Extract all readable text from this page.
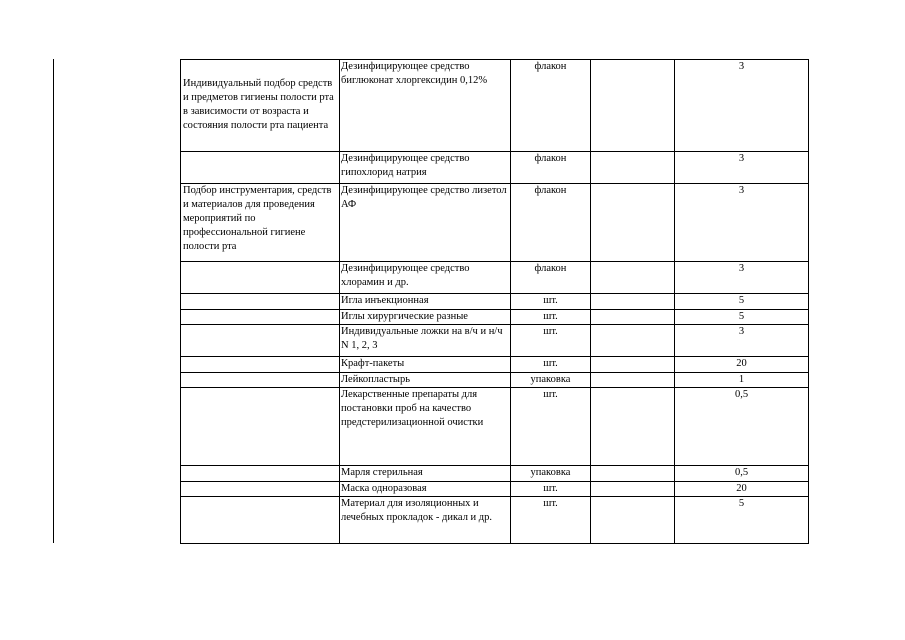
Индивидуальный подбор средств и предметов гигиены полости рта в зависимости от возраста и состояния полости рта пациента	Дезинфицирующее средство биглюконат хлоргексидин 0,12%	флакон		3
	Дезинфицирующее средство гипохлорид натрия	флакон		3
Подбор инструментария, средств и материалов для проведения мероприятий по профессиональной гигиене полости рта	Дезинфицирующее средство лизетол АФ	флакон		3
	Дезинфицирующее средство хлорамин и др.	флакон		3
	Игла инъекционная	шт.		5
	Иглы хирургические разные	шт.		5
	Индивидуальные ложки на в/ч и н/ч N 1, 2, 3	шт.		3
	Крафт-пакеты	шт.		20
	Лейкопластырь	упаковка		1
	Лекарственные препараты для постановки проб на качество предстерилизационной очистки	шт.		0,5
	Марля стерильная	упаковка		0,5
	Маска одноразовая	шт.		20
	Материал для изоляционных и лечебных прокладок - дикал и др.	шт.		5
